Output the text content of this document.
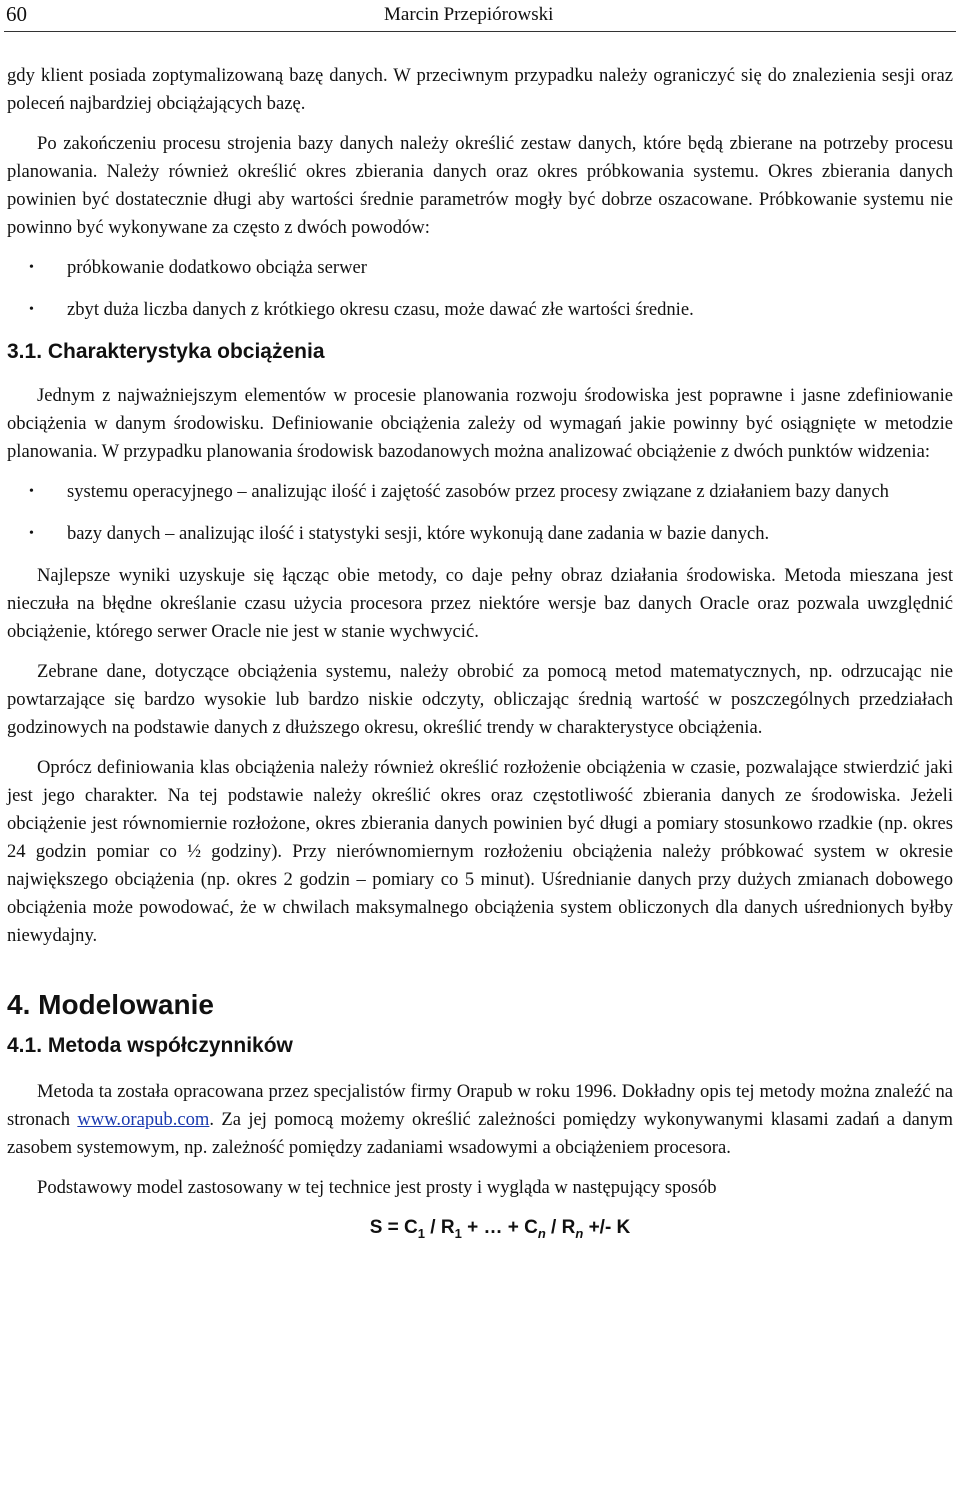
60	Marcin Przepiórowski

gdy klient posiada zoptymalizowaną bazę danych. W przeciwnym przypadku należy ograniczyć się do znalezienia sesji oraz poleceń najbardziej obciążających bazę.

Po zakończeniu procesu strojenia bazy danych należy określić zestaw danych, które będą zbierane na potrzeby procesu planowania. Należy również określić okres zbierania danych oraz okres próbkowania systemu. Okres zbierania danych powinien być dostatecznie długi aby wartości średnie parametrów mogły być dobrze oszacowane. Próbkowanie systemu nie powinno być wykonywane za często z dwóch powodów:

• próbkowanie dodatkowo obciąża serwer
• zbyt duża liczba danych z krótkiego okresu czasu, może dawać złe wartości średnie.
3.1. Charakterystyka obciążenia

Jednym z najważniejszym elementów w procesie planowania rozwoju środowiska jest poprawne i jasne zdefiniowanie obciążenia w danym środowisku. Definiowanie obciążenia zależy od wymagań jakie powinny być osiągnięte w metodzie planowania. W przypadku planowania środowisk bazodanowych można analizować obciążenie z dwóch punktów widzenia:

• systemu operacyjnego – analizując ilość i zajętość zasobów przez procesy związane z działaniem bazy danych
• bazy danych – analizując ilość i statystyki sesji, które wykonują dane zadania w bazie danych.

Najlepsze wyniki uzyskuje się łącząc obie metody, co daje pełny obraz działania środowiska. Metoda mieszana jest nieczuła na błędne określanie czasu użycia procesora przez niektóre wersje baz danych Oracle oraz pozwala uwzględnić obciążenie, którego serwer Oracle nie jest w stanie wychwycić.

Zebrane dane, dotyczące obciążenia systemu, należy obrobić za pomocą metod matematycznych, np. odrzucając nie powtarzające się bardzo wysokie lub bardzo niskie odczyty, obliczając średnią wartość w poszczególnych przedziałach godzinowych na podstawie danych z dłuższego okresu, określić trendy w charakterystyce obciążenia.

Oprócz definiowania klas obciążenia należy również określić rozłożenie obciążenia w czasie, pozwalające stwierdzić jaki jest jego charakter. Na tej podstawie należy określić okres oraz częstotliwość zbierania danych ze środowiska. Jeżeli obciążenie jest równomiernie rozłożone, okres zbierania danych powinien być długi a pomiary stosunkowo rzadkie (np. okres 24 godzin pomiar co ½ godziny). Przy nierównomiernym rozłożeniu obciążenia należy próbkować system w okresie największego obciążenia (np. okres 2 godzin – pomiary co 5 minut). Uśrednianie danych przy dużych zmianach dobowego obciążenia może powodować, że w chwilach maksymalnego obciążenia system obliczonych dla danych uśrednionych byłby niewydajny.

4. Modelowanie
4.1. Metoda współczynników

Metoda ta została opracowana przez specjalistów firmy Orapub w roku 1996. Dokładny opis tej metody można znaleźć na stronach www.orapub.com. Za jej pomocą możemy określić zależności pomiędzy wykonywanymi klasami zadań a danym zasobem systemowym, np. zależność pomiędzy zadaniami wsadowymi a obciążeniem procesora.

Podstawowy model zastosowany w tej technice jest prosty i wygląda w następujący sposób

$S = C_1 / R_1$ + … + $C_n / R_n$ +/- K
